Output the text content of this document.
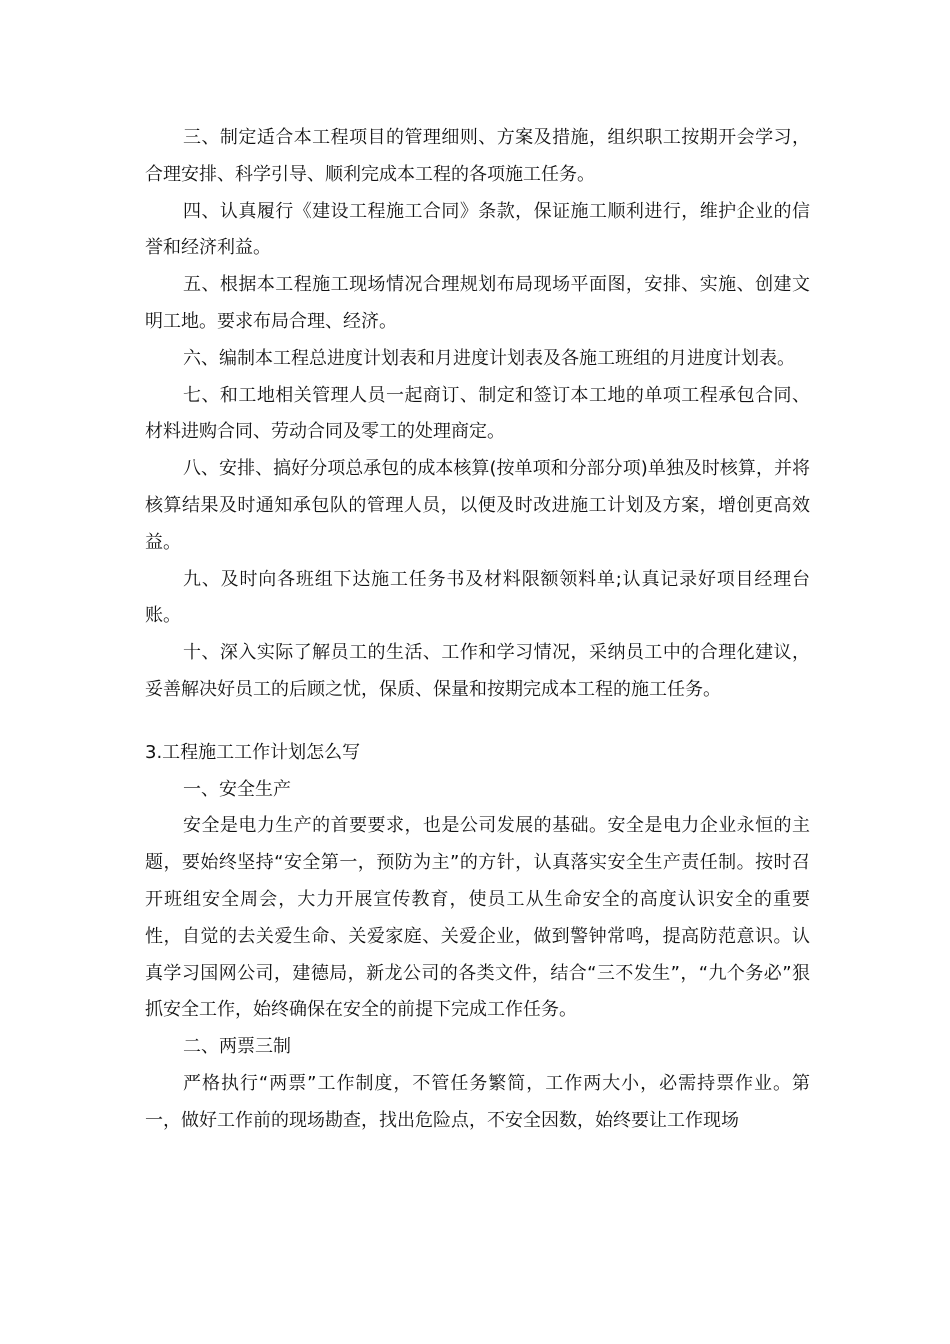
三、制定适合本工程项目的管理细则、方案及措施，组织职工按期开会学习，合理安排、科学引导、顺利完成本工程的各项施工任务。

四、认真履行《建设工程施工合同》条款，保证施工顺利进行，维护企业的信誉和经济利益。

五、根据本工程施工现场情况合理规划布局现场平面图，安排、实施、创建文明工地。要求布局合理、经济。

六、编制本工程总进度计划表和月进度计划表及各施工班组的月进度计划表。

七、和工地相关管理人员一起商订、制定和签订本工地的单项工程承包合同、材料进购合同、劳动合同及零工的处理商定。

八、安排、搞好分项总承包的成本核算(按单项和分部分项)单独及时核算，并将核算结果及时通知承包队的管理人员，以便及时改进施工计划及方案，增创更高效益。

九、及时向各班组下达施工任务书及材料限额领料单;认真记录好项目经理台账。

十、深入实际了解员工的生活、工作和学习情况，采纳员工中的合理化建议，妥善解决好员工的后顾之忧，保质、保量和按期完成本工程的施工任务。

3.工程施工工作计划怎么写

一、安全生产

安全是电力生产的首要要求，也是公司发展的基础。安全是电力企业永恒的主题，要始终坚持“安全第一，预防为主”的方针，认真落实安全生产责任制。按时召开班组安全周会，大力开展宣传教育，使员工从生命安全的高度认识安全的重要性，自觉的去关爱生命、关爱家庭、关爱企业，做到警钟常鸣，提高防范意识。认真学习国网公司，建德局，新龙公司的各类文件，结合“三不发生”，“九个务必”狠抓安全工作，始终确保在安全的前提下完成工作任务。

二、两票三制

严格执行“两票”工作制度，不管任务繁简，工作两大小，必需持票作业。第一，做好工作前的现场勘查，找出危险点，不安全因数，始终要让工作现场
